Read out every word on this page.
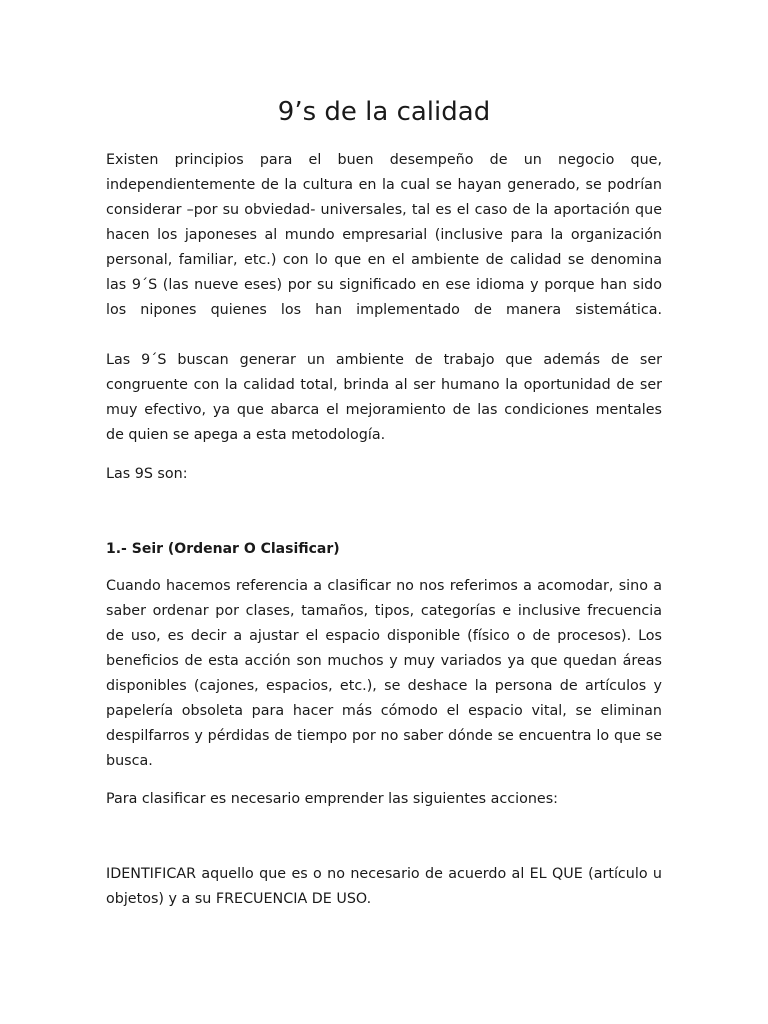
9’s de la calidad

Existen principios para el buen desempeño de un negocio que, independientemente de la cultura en la cual se hayan generado, se podrían considerar –por su obviedad- universales, tal es el caso de la aportación que hacen los japoneses al mundo empresarial (inclusive para la organización personal, familiar, etc.) con lo que en el ambiente de calidad se denomina las 9´S (las nueve eses) por su significado en ese idioma y porque han sido los nipones quienes los han implementado de manera sistemática.

Las 9´S buscan generar un ambiente de trabajo que además de ser congruente con la calidad total, brinda al ser humano la oportunidad de ser muy efectivo, ya que abarca el mejoramiento de las condiciones mentales de quien se apega a esta metodología.

Las 9S son:

1.- Seir (Ordenar O Clasificar)

Cuando hacemos referencia a clasificar no nos referimos a acomodar, sino a saber ordenar por clases, tamaños, tipos, categorías e inclusive frecuencia de uso, es decir a ajustar el espacio disponible (físico o de procesos). Los beneficios de esta acción son muchos y muy variados ya que quedan áreas disponibles (cajones, espacios, etc.), se deshace la persona de artículos y papelería obsoleta para hacer más cómodo el espacio vital, se eliminan despilfarros y pérdidas de tiempo por no saber dónde se encuentra lo que se busca.

Para clasificar es necesario emprender las siguientes acciones:

IDENTIFICAR aquello que es o no necesario de acuerdo al EL QUE (artículo u objetos) y a su FRECUENCIA DE USO.
